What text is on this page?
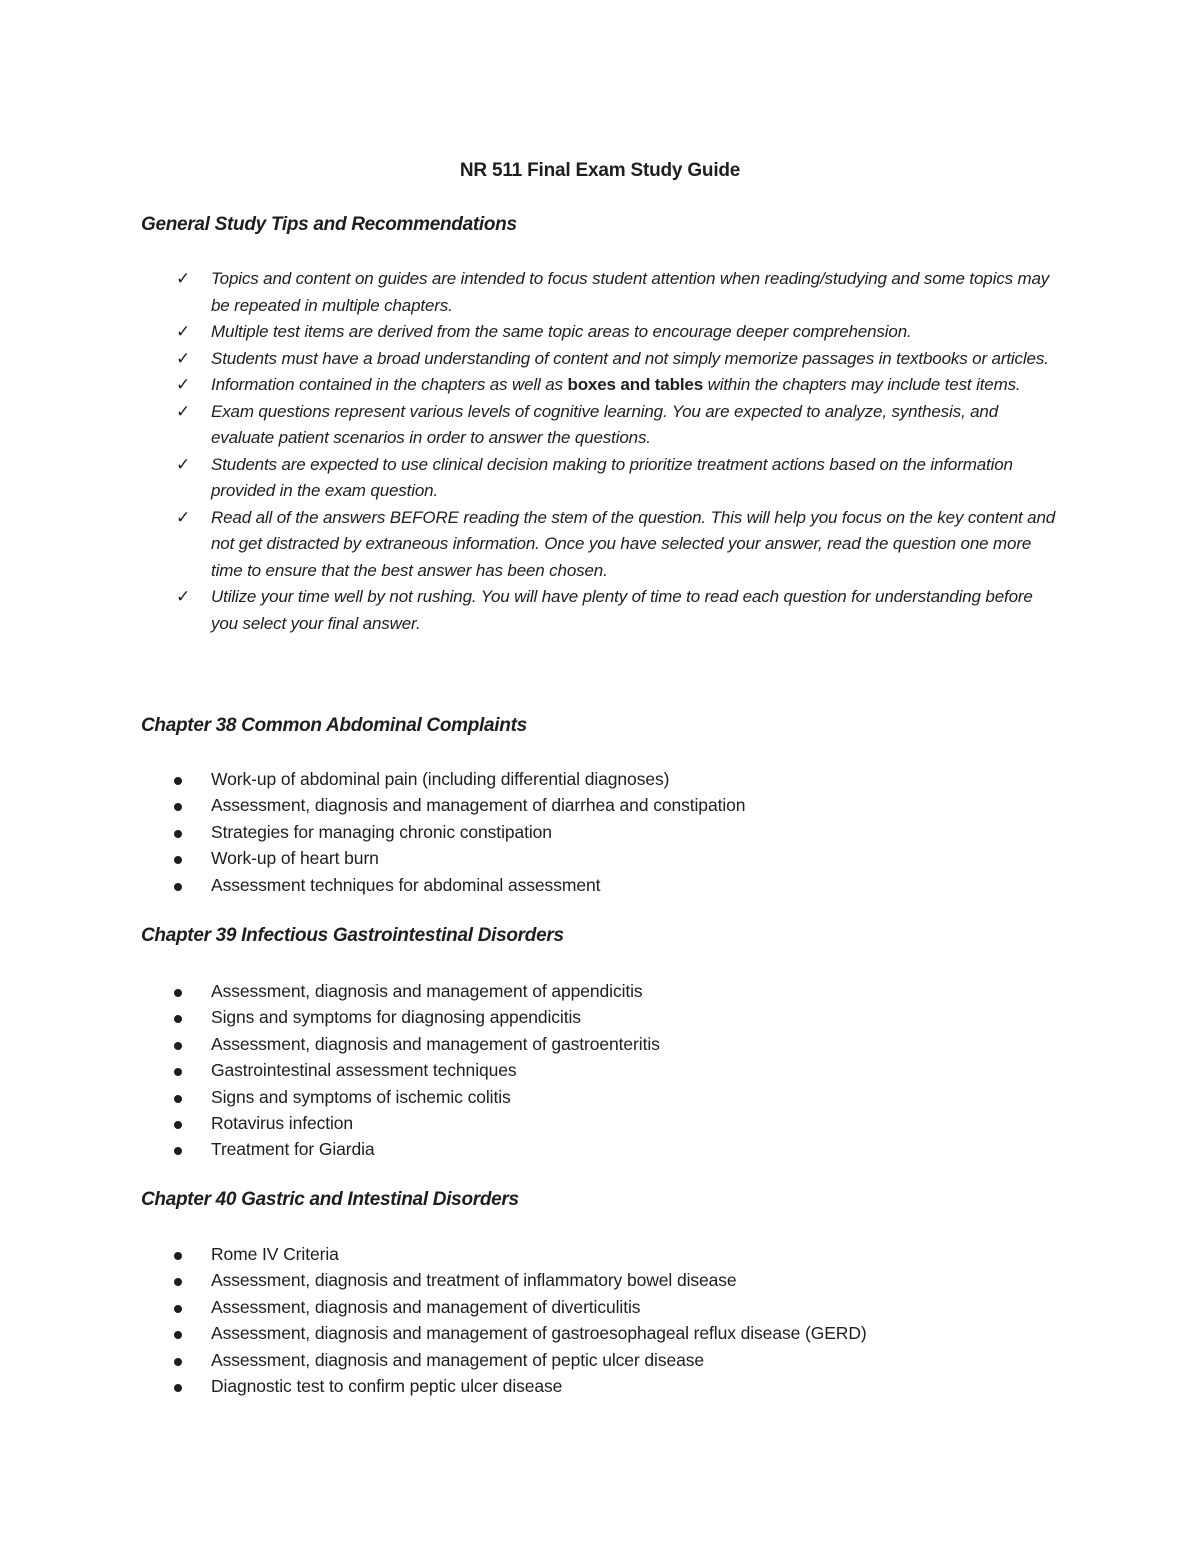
NR 511 Final Exam Study Guide
General Study Tips and Recommendations
✓ Topics and content on guides are intended to focus student attention when reading/studying and some topics may be repeated in multiple chapters.
✓ Multiple test items are derived from the same topic areas to encourage deeper comprehension.
✓ Students must have a broad understanding of content and not simply memorize passages in textbooks or articles.
✓ Information contained in the chapters as well as boxes and tables within the chapters may include test items.
✓ Exam questions represent various levels of cognitive learning. You are expected to analyze, synthesis, and evaluate patient scenarios in order to answer the questions.
✓ Students are expected to use clinical decision making to prioritize treatment actions based on the information provided in the exam question.
✓ Read all of the answers BEFORE reading the stem of the question. This will help you focus on the key content and not get distracted by extraneous information. Once you have selected your answer, read the question one more time to ensure that the best answer has been chosen.
✓ Utilize your time well by not rushing. You will have plenty of time to read each question for understanding before you select your final answer.
Chapter 38 Common Abdominal Complaints
Work-up of abdominal pain (including differential diagnoses)
Assessment, diagnosis and management of diarrhea and constipation
Strategies for managing chronic constipation
Work-up of heart burn
Assessment techniques for abdominal assessment
Chapter 39 Infectious Gastrointestinal Disorders
Assessment, diagnosis and management of appendicitis
Signs and symptoms for diagnosing appendicitis
Assessment, diagnosis and management of gastroenteritis
Gastrointestinal assessment techniques
Signs and symptoms of ischemic colitis
Rotavirus infection
Treatment for Giardia
Chapter 40 Gastric and Intestinal Disorders
Rome IV Criteria
Assessment, diagnosis and treatment of inflammatory bowel disease
Assessment, diagnosis and management of diverticulitis
Assessment, diagnosis and management of gastroesophageal reflux disease (GERD)
Assessment, diagnosis and management of peptic ulcer disease
Diagnostic test to confirm peptic ulcer disease
